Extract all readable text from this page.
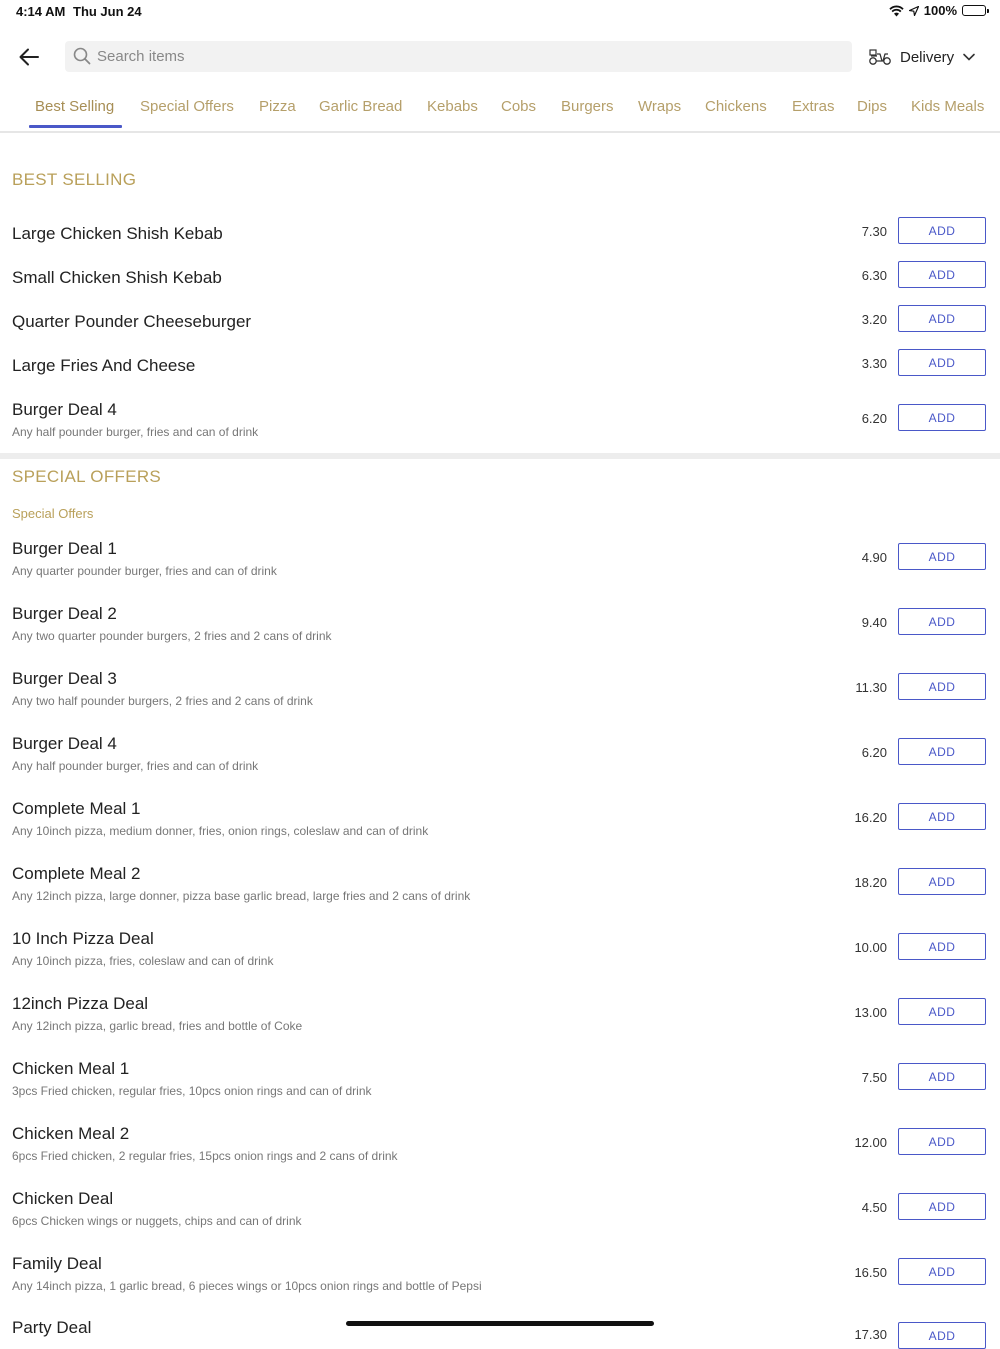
4:14 AM Thu Jun 24	100%
Search items	Delivery
Best Selling Special Offers Pizza Garlic Bread Kebabs Cobs Burgers Wraps Chickens Extras Dips Kids Meals
BEST SELLING
Large Chicken Shish Kebab	7.30	ADD
Small Chicken Shish Kebab	6.30	ADD
Quarter Pounder Cheeseburger	3.20	ADD
Large Fries And Cheese	3.30	ADD
Burger Deal 4
Any half pounder burger, fries and can of drink
6.20	ADD
SPECIAL OFFERS
Special Offers
Burger Deal 1
Any quarter pounder burger, fries and can of drink
4.90	ADD
Burger Deal 2
Any two quarter pounder burgers, 2 fries and 2 cans of drink
9.40	ADD
Burger Deal 3
Any two half pounder burgers, 2 fries and 2 cans of drink
11.30	ADD
Burger Deal 4
Any half pounder burger, fries and can of drink
6.20	ADD
Complete Meal 1
Any 10inch pizza, medium donner, fries, onion rings, coleslaw and can of drink
16.20	ADD
Complete Meal 2
Any 12inch pizza, large donner, pizza base garlic bread, large fries and 2 cans of drink
18.20	ADD
10 Inch Pizza Deal
Any 10inch pizza, fries, coleslaw and can of drink
10.00	ADD
12inch Pizza Deal
Any 12inch pizza, garlic bread, fries and bottle of Coke
13.00	ADD
Chicken Meal 1
3pcs Fried chicken, regular fries, 10pcs onion rings and can of drink
7.50	ADD
Chicken Meal 2
6pcs Fried chicken, 2 regular fries, 15pcs onion rings and 2 cans of drink
12.00	ADD
Chicken Deal
6pcs Chicken wings or nuggets, chips and can of drink
4.50	ADD
Family Deal
Any 14inch pizza, 1 garlic bread, 6 pieces wings or 10pcs onion rings and bottle of Pepsi
16.50	ADD
Party Deal	17.30	ADD
